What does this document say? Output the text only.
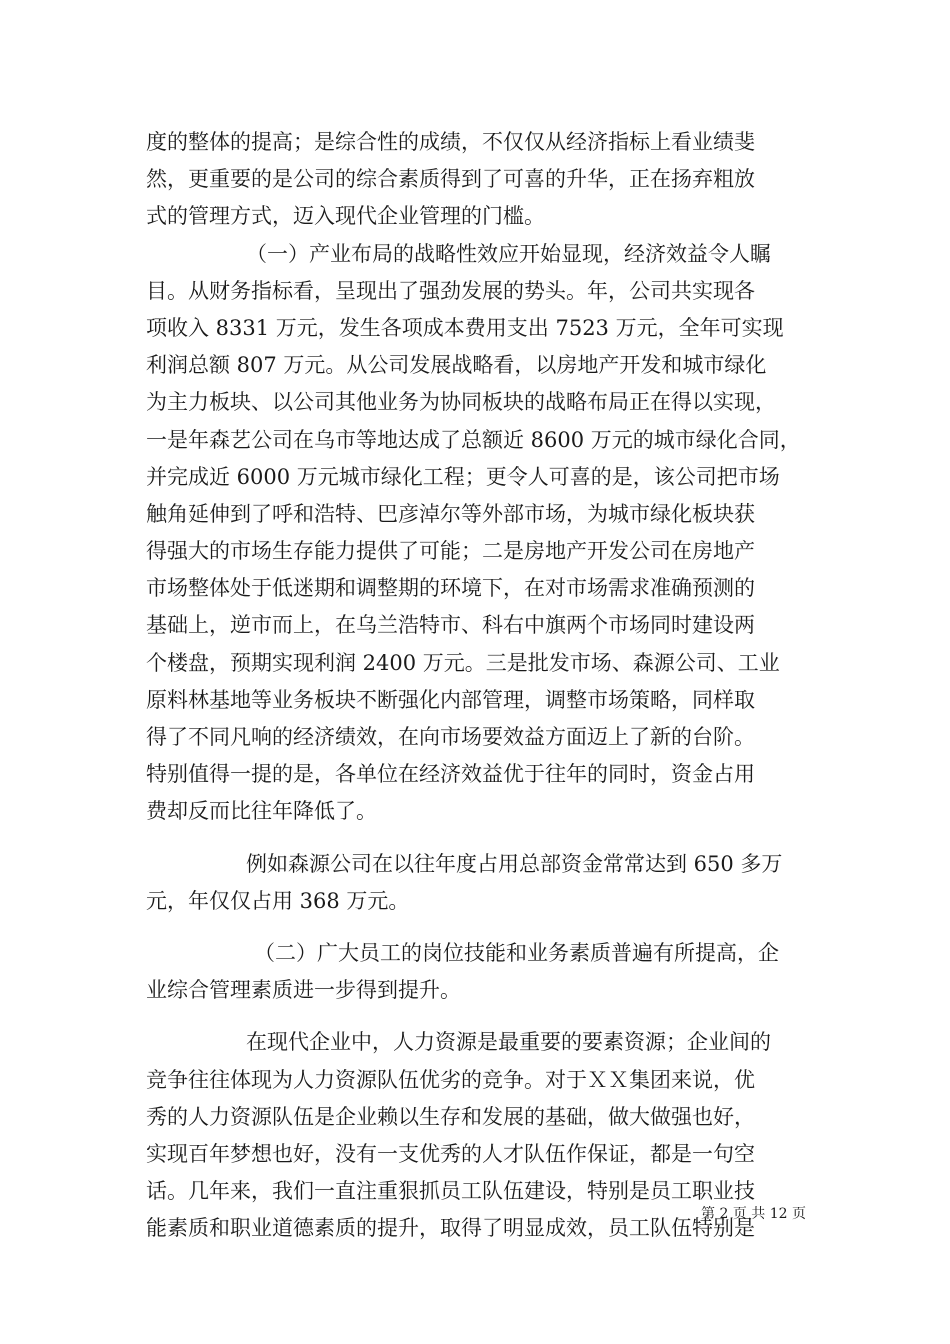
度的整体的提高；是综合性的成绩，不仅仅从经济指标上看业绩斐
然，更重要的是公司的综合素质得到了可喜的升华，正在扬弃粗放
式的管理方式，迈入现代企业管理的门槛。
（一）产业布局的战略性效应开始显现，经济效益令人瞩
目。从财务指标看，呈现出了强劲发展的势头。年，公司共实现各
项收入 8331 万元，发生各项成本费用支出 7523 万元，全年可实现
利润总额 807 万元。从公司发展战略看，以房地产开发和城市绿化
为主力板块、以公司其他业务为协同板块的战略布局正在得以实现，
一是年森艺公司在乌市等地达成了总额近 8600 万元的城市绿化合同，
并完成近 6000 万元城市绿化工程；更令人可喜的是，该公司把市场
触角延伸到了呼和浩特、巴彦淖尔等外部市场，为城市绿化板块获
得强大的市场生存能力提供了可能；二是房地产开发公司在房地产
市场整体处于低迷期和调整期的环境下，在对市场需求准确预测的
基础上，逆市而上，在乌兰浩特市、科右中旗两个市场同时建设两
个楼盘，预期实现利润 2400 万元。三是批发市场、森源公司、工业
原料林基地等业务板块不断强化内部管理，调整市场策略，同样取
得了不同凡响的经济绩效，在向市场要效益方面迈上了新的台阶。
特别值得一提的是，各单位在经济效益优于往年的同时，资金占用
费却反而比往年降低了。
例如森源公司在以往年度占用总部资金常常达到 650 多万
元，年仅仅占用 368 万元。
（二）广大员工的岗位技能和业务素质普遍有所提高，企
业综合管理素质进一步得到提升。
在现代企业中，人力资源是最重要的要素资源；企业间的
竞争往往体现为人力资源队伍优劣的竞争。对于ＸＸ集团来说，优
秀的人力资源队伍是企业赖以生存和发展的基础，做大做强也好，
实现百年梦想也好，没有一支优秀的人才队伍作保证，都是一句空
话。几年来，我们一直注重狠抓员工队伍建设，特别是员工职业技
能素质和职业道德素质的提升，取得了明显成效，员工队伍特别是
第 2 页 共 12 页
